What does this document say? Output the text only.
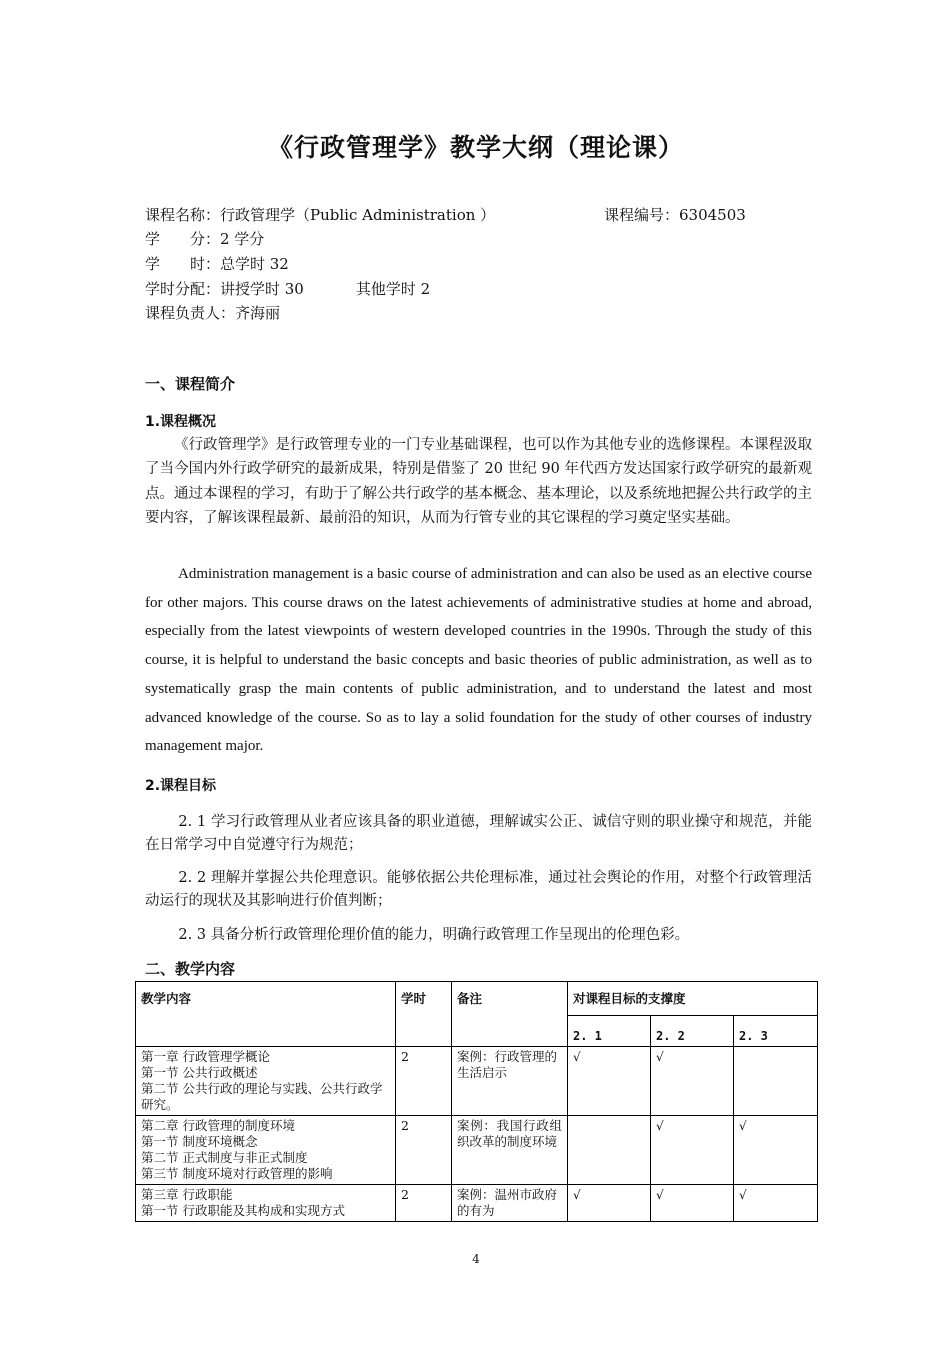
《行政管理学》教学大纲（理论课）
课程名称：行政管理学（Public Administration ）	课程编号：6304503
学　　分：2 学分
学　　时：总学时 32
学时分配：讲授学时 30	其他学时 2
课程负责人：齐海丽
一、课程简介
1.课程概况
《行政管理学》是行政管理专业的一门专业基础课程，也可以作为其他专业的选修课程。本课程汲取了当今国内外行政学研究的最新成果，特别是借鉴了 20 世纪 90 年代西方发达国家行政学研究的最新观点。通过本课程的学习，有助于了解公共行政学的基本概念、基本理论，以及系统地把握公共行政学的主要内容，了解该课程最新、最前沿的知识，从而为行管专业的其它课程的学习奠定坚实基础。
Administration management is a basic course of administration and can also be used as an elective course for other majors. This course draws on the latest achievements of administrative studies at home and abroad, especially from the latest viewpoints of western developed countries in the 1990s. Through the study of this course, it is helpful to understand the basic concepts and basic theories of public administration, as well as to systematically grasp the main contents of public administration, and to understand the latest and most advanced knowledge of the course. So as to lay a solid foundation for the study of other courses of industry management major.
2.课程目标
2. 1 学习行政管理从业者应该具备的职业道德，理解诚实公正、诚信守则的职业操守和规范，并能在日常学习中自觉遵守行为规范；
2. 2 理解并掌握公共伦理意识。能够依据公共伦理标准，通过社会舆论的作用，对整个行政管理活动运行的现状及其影响进行价值判断；
2. 3 具备分析行政管理伦理价值的能力，明确行政管理工作呈现出的伦理色彩。
二、教学内容
教学内容	学时	备注	对课程目标的支撑度		
			2. 1	2. 2	2. 3

第一章 行政管理学概论
第一节 公共行政概述
第二节 公共行政的理论与实践、公共行政学研究。	2	案例：行政管理的生活启示	√	√	

第二章 行政管理的制度环境
第一节 制度环境概念
第二节 正式制度与非正式制度
第三节 制度环境对行政管理的影响	2	案例：我国行政组织改革的制度环境		√	√

第三章 行政职能
第一节 行政职能及其构成和实现方式	2	案例：温州市政府的有为	√	√	√
4
